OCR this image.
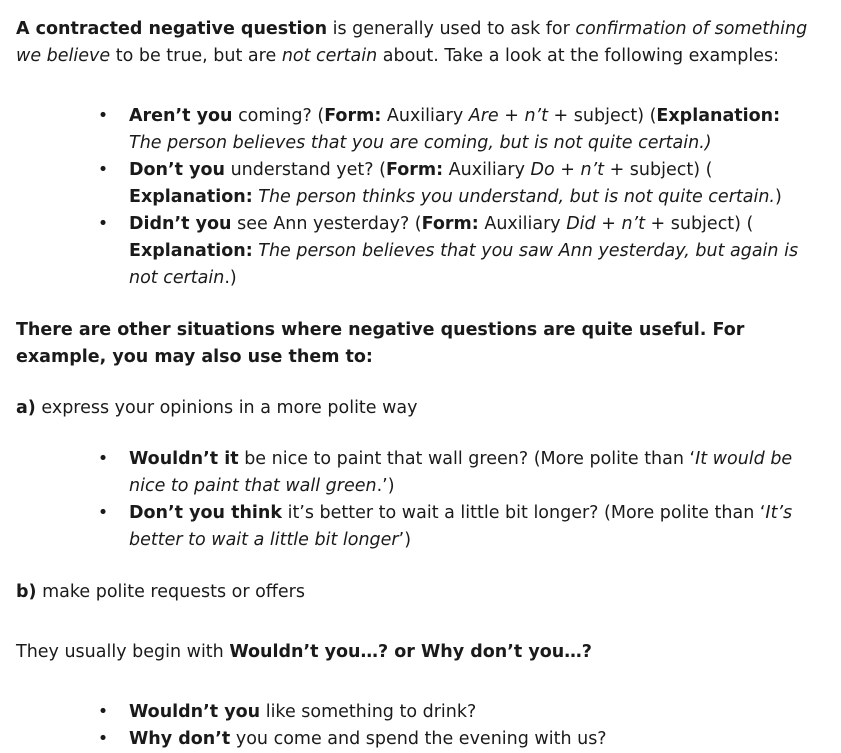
A contracted negative question is generally used to ask for confirmation of something we believe to be true, but are not certain about. Take a look at the following examples:

• Aren’t you coming? (Form: Auxiliary Are + n’t + subject) (Explanation: The person believes that you are coming, but is not quite certain.)
• Don’t you understand yet? (Form: Auxiliary Do + n’t + subject) (
Explanation: The person thinks you understand, but is not quite certain.)
• Didn’t you see Ann yesterday? (Form: Auxiliary Did + n’t + subject) (
Explanation: The person believes that you saw Ann yesterday, but again is not certain.)

There are other situations where negative questions are quite useful. For example, you may also use them to:

a) express your opinions in a more polite way

• Wouldn’t it be nice to paint that wall green? (More polite than ‘It would be nice to paint that wall green.’)
• Don’t you think it’s better to wait a little bit longer? (More polite than ‘It’s better to wait a little bit longer’)

b) make polite requests or offers

They usually begin with Wouldn’t you…? or Why don’t you…?

• Wouldn’t you like something to drink?
• Why don’t you come and spend the evening with us?
